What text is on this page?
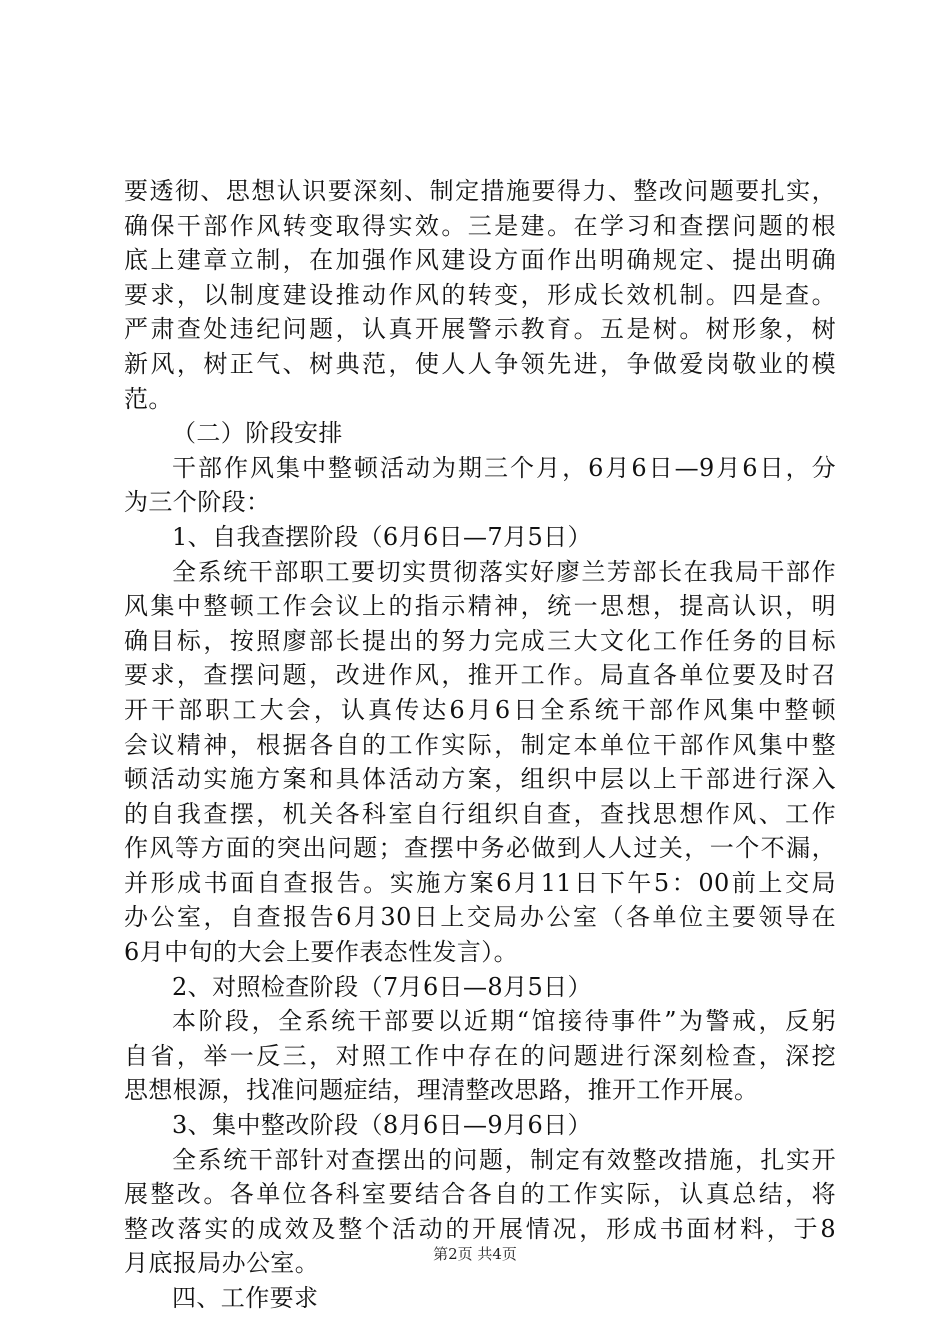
要透彻、思想认识要深刻、制定措施要得力、整改问题要扎实，
确保干部作风转变取得实效。三是建。在学习和查摆问题的根
底上建章立制，在加强作风建设方面作出明确规定、提出明确
要求，以制度建设推动作风的转变，形成长效机制。四是查。
严肃查处违纪问题，认真开展警示教育。五是树。树形象，树
新风，树正气、树典范，使人人争领先进，争做爱岗敬业的模
范。
（二）阶段安排
干部作风集中整顿活动为期三个月，6月6日—9月6日，分
为三个阶段：
1、自我查摆阶段（6月6日—7月5日）
全系统干部职工要切实贯彻落实好廖兰芳部长在我局干部作
风集中整顿工作会议上的指示精神，统一思想，提高认识，明
确目标，按照廖部长提出的努力完成三大文化工作任务的目标
要求，查摆问题，改进作风，推开工作。局直各单位要及时召
开干部职工大会，认真传达6月6日全系统干部作风集中整顿
会议精神，根据各自的工作实际，制定本单位干部作风集中整
顿活动实施方案和具体活动方案，组织中层以上干部进行深入
的自我查摆，机关各科室自行组织自查，查找思想作风、工作
作风等方面的突出问题；查摆中务必做到人人过关，一个不漏，
并形成书面自查报告。实施方案6月11日下午5：00前上交局
办公室，自查报告6月30日上交局办公室（各单位主要领导在
6月中旬的大会上要作表态性发言）。
2、对照检查阶段（7月6日—8月5日）
本阶段，全系统干部要以近期“馆接待事件”为警戒，反躬
自省，举一反三，对照工作中存在的问题进行深刻检查，深挖
思想根源，找准问题症结，理清整改思路，推开工作开展。
3、集中整改阶段（8月6日—9月6日）
全系统干部针对查摆出的问题，制定有效整改措施，扎实开
展整改。各单位各科室要结合各自的工作实际，认真总结，将
整改落实的成效及整个活动的开展情况，形成书面材料，于8
月底报局办公室。
四、工作要求
第2页 共4页
